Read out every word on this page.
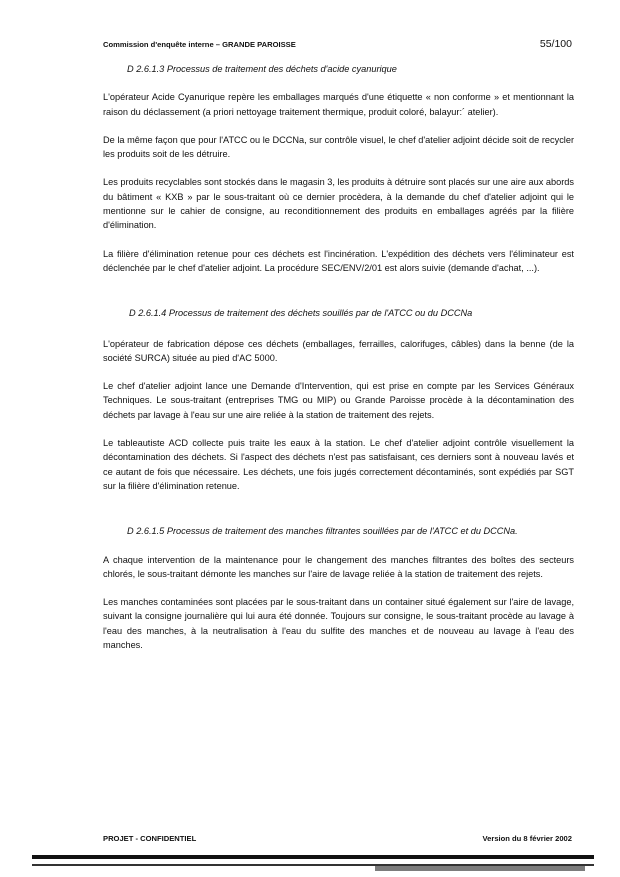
Commission d'enquête interne – GRANDE PAROISSE	55/100

D 2.6.1.3 Processus de traitement des déchets d'acide cyanurique

L'opérateur Acide Cyanurique repère les emballages marqués d'une étiquette « non conforme » et mentionnant la raison du déclassement (a priori nettoyage traitement thermique, produit coloré, balayur:´ atelier).

De la même façon que pour l'ATCC ou le DCCNa, sur contrôle visuel, le chef d'atelier adjoint décide soit de recycler les produits soit de les détruire.

Les produits recyclables sont stockés dans le magasin 3, les produits à détruire sont placés sur une aire aux abords du bâtiment « KXB » par le sous-traitant où ce dernier procèdera, à la demande du chef d'atelier adjoint qui le mentionne sur le cahier de consigne, au reconditionnement des produits en emballages agréés par la filière d'élimination.

La filière d'élimination retenue pour ces déchets est l'incinération. L'expédition des déchets vers l'éliminateur est déclenchée par le chef d'atelier adjoint. La procédure SEC/ENV/2/01 est alors suivie (demande d'achat, ...).

D 2.6.1.4 Processus de traitement des déchets souillés par de l'ATCC ou du DCCNa

L'opérateur de fabrication dépose ces déchets (emballages, ferrailles, calorifuges, câbles) dans la benne (de la société SURCA) située au pied d'AC 5000.

Le chef d'atelier adjoint lance une Demande d'Intervention, qui est prise en compte par les Services Généraux Techniques. Le sous-traitant (entreprises TMG ou MIP) ou Grande Paroisse procède à la décontamination des déchets par lavage à l'eau sur une aire reliée à la station de traitement des rejets.

Le tableautiste ACD collecte puis traite les eaux à la station. Le chef d'atelier adjoint contrôle visuellement la décontamination des déchets. Si l'aspect des déchets n'est pas satisfaisant, ces derniers sont à nouveau lavés et ce autant de fois que nécessaire. Les déchets, une fois jugés correctement décontaminés, sont expédiés par SGT sur la filière d'élimination retenue.

D 2.6.1.5 Processus de traitement des manches filtrantes souillées par de l'ATCC et du DCCNa.

A chaque intervention de la maintenance pour le changement des manches filtrantes des boîtes des secteurs chlorés, le sous-traitant démonte les manches sur l'aire de lavage reliée à la station de traitement des rejets.

Les manches contaminées sont placées par le sous-traitant dans un container situé également sur l'aire de lavage, suivant la consigne journalière qui lui aura été donnée. Toujours sur consigne, le sous-traitant procède au lavage à l'eau des manches, à la neutralisation à l'eau du sulfite des manches et de nouveau au lavage à l'eau des manches.

PROJET - CONFIDENTIEL	Version du 8 février 2002
